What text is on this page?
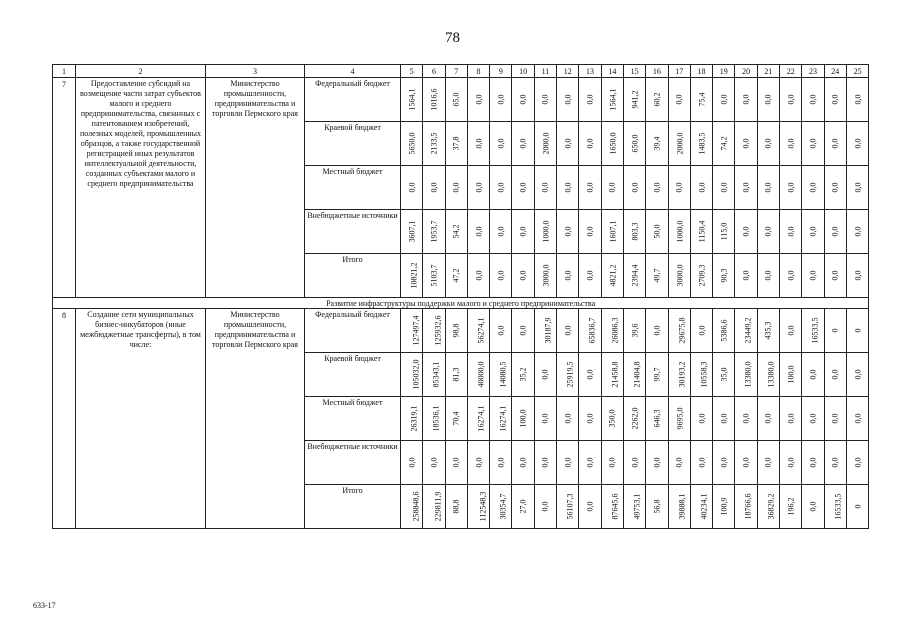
78
1	2	3	4	5	6	7	8	9	10	11	12	13	14	15	16	17	18	19	20	21	22	23	24	25
7	Предоставление субсидий на возмещение части затрат субъектов малого и среднего предпринимательства, связанных с патентованием изобретений, полезных моделей, промышленных образцов, а также государственной регистрацией иных результатов интеллектуальной деятельности, созданных субъектами малого и среднего предпринимательства	Министерство промышленности, предпринимательства и торговли Пермского края	Федеральный бюджет	1564,1	1016,6	65,0	0,0	0,0	0,0	0,0	0,0	0,0	1564,1	941,2	60,2	0,0	75,4	0,0	0,0	0,0	0,0	0,0	0,0	0,0
			Краевой бюджет	5650,0	2133,5	37,8	0,0	0,0	0,0	2000,0	0,0	0,0	1650,0	650,0	39,4	2000,0	1483,5	74,2	0,0	0,0	0,0	0,0	0,0	0,0
			Местный бюджет	0,0	0,0	0,0	0,0	0,0	0,0	0,0	0,0	0,0	0,0	0,0	0,0	0,0	0,0	0,0	0,0	0,0	0,0	0,0	0,0	0,0
			Внебюджетные источники	3607,1	1953,7	54,2	0,0	0,0	0,0	1000,0	0,0	0,0	1607,1	803,3	50,0	1000,0	1150,4	115,0	0,0	0,0	0,0	0,0	0,0	0,0
			Итого	10821,2	5103,7	47,2	0,0	0,0	0,0	3000,0	0,0	0,0	4821,2	2394,4	49,7	3000,0	2709,3	90,3	0,0	0,0	0,0	0,0	0,0	0,0
Развитие инфраструктуры поддержки малого и среднего предпринимательства																								
8	Создание сети муниципальных бизнес-инкубаторов (иные межбюджетные трансферты), в том числе:	Министерство промышленности, предпринимательства и торговли Пермского края	Федеральный бюджет	127497,4	125932,6	98,8	56274,1	0,0	0,0	30187,9	0,0	65836,7	26086,3	39,6	0,0	29675,8	0,0	5386,6	23449,2	435,3	0,0	16533,5	0	0
			Краевой бюджет	105032,0	85343,1	81,3	40000,0	14080,5	35,2	0,0	25919,5	0,0	21458,8	21404,8	99,7	30193,2	10558,3	35,0	13380,0	13380,0	100,0	0,0	0,0	0,0
			Местный бюджет	26319,1	18536,1	70,4	16274,1	16274,1	100,0	0,0	0,0	0,0	350,0	2262,0	646,3	9695,0	0,0	0,0	0,0	0,0	0,0	0,0	0,0	0,0
			Внебюджетные источники	0,0	0,0	0,0	0,0	0,0	0,0	0,0	0,0	0,0	0,0	0,0	0,0	0,0	0,0	0,0	0,0	0,0	0,0	0,0	0,0	0,0
			Итого	258848,6	229811,9	88,8	112548,3	30354,7	27,0	0,0	56107,3	0,0	87645,6	49753,1	56,8	39888,1	40234,1	100,9	18766,6	36829,2	196,2	0,0	16533,5	0
633-17
